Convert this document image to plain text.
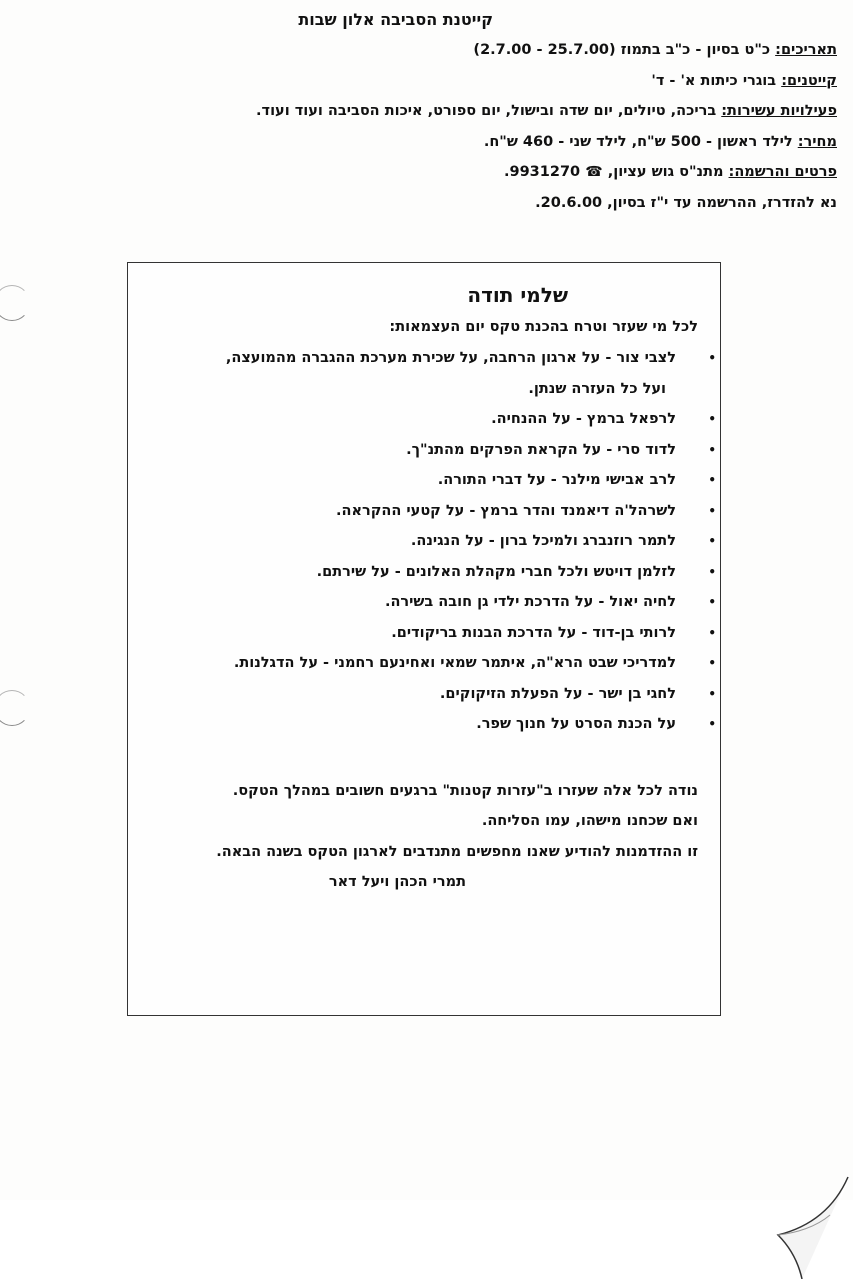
קייטנת הסביבה אלון שבות

תאריכים: כ"ט בסיון - כ"ב בתמוז (25.7.00 - 2.7.00)

קייטנים: בוגרי כיתות א' - ד'

פעילויות עשירות: בריכה, טיולים, יום שדה ובישול, יום ספורט, איכות הסביבה ועוד ועוד.

מחיר: לילד ראשון - 500 ש"ח, לילד שני - 460 ש"ח.

פרטים והרשמה: מתנ"ס גוש עציון, ☎ 9931270.

נא להזדרז, ההרשמה עד י"ז בסיון, 20.6.00.

שלמי תודה

לכל מי שעזר וטרח בהכנת טקס יום העצמאות:

•
לצבי צור - על ארגון הרחבה, על שכירת מערכת ההגברה מהמועצה,
ועל כל העזרה שנתן.
•
לרפאל ברמץ - על ההנחיה.
•
לדוד סרי - על הקראת הפרקים מהתנ"ך.
•
לרב אבישי מילנר - על דברי התורה.
•
לשרהל'ה דיאמנד והדר ברמץ - על קטעי ההקראה.
•
לתמר רוזנברג ולמיכל ברון - על הנגינה.
•
לזלמן דויטש ולכל חברי מקהלת האלונים - על שירתם.
•
לחיה יאול - על הדרכת ילדי גן חובה בשירה.
•
לרותי בן-דוד - על הדרכת הבנות בריקודים.
•
למדריכי שבט הרא"ה, איתמר שמאי ואחינעם רחמני - על הדגלנות.
•
לחגי בן ישר - על הפעלת הזיקוקים.
•
על הכנת הסרט על חנוך שפר.

נודה לכל אלה שעזרו ב"עזרות קטנות" ברגעים חשובים במהלך הטקס.

ואם שכחנו מישהו, עמו הסליחה.

זו ההזדמנות להודיע שאנו מחפשים מתנדבים לארגון הטקס בשנה הבאה.

תמרי הכהן ויעל דאר
